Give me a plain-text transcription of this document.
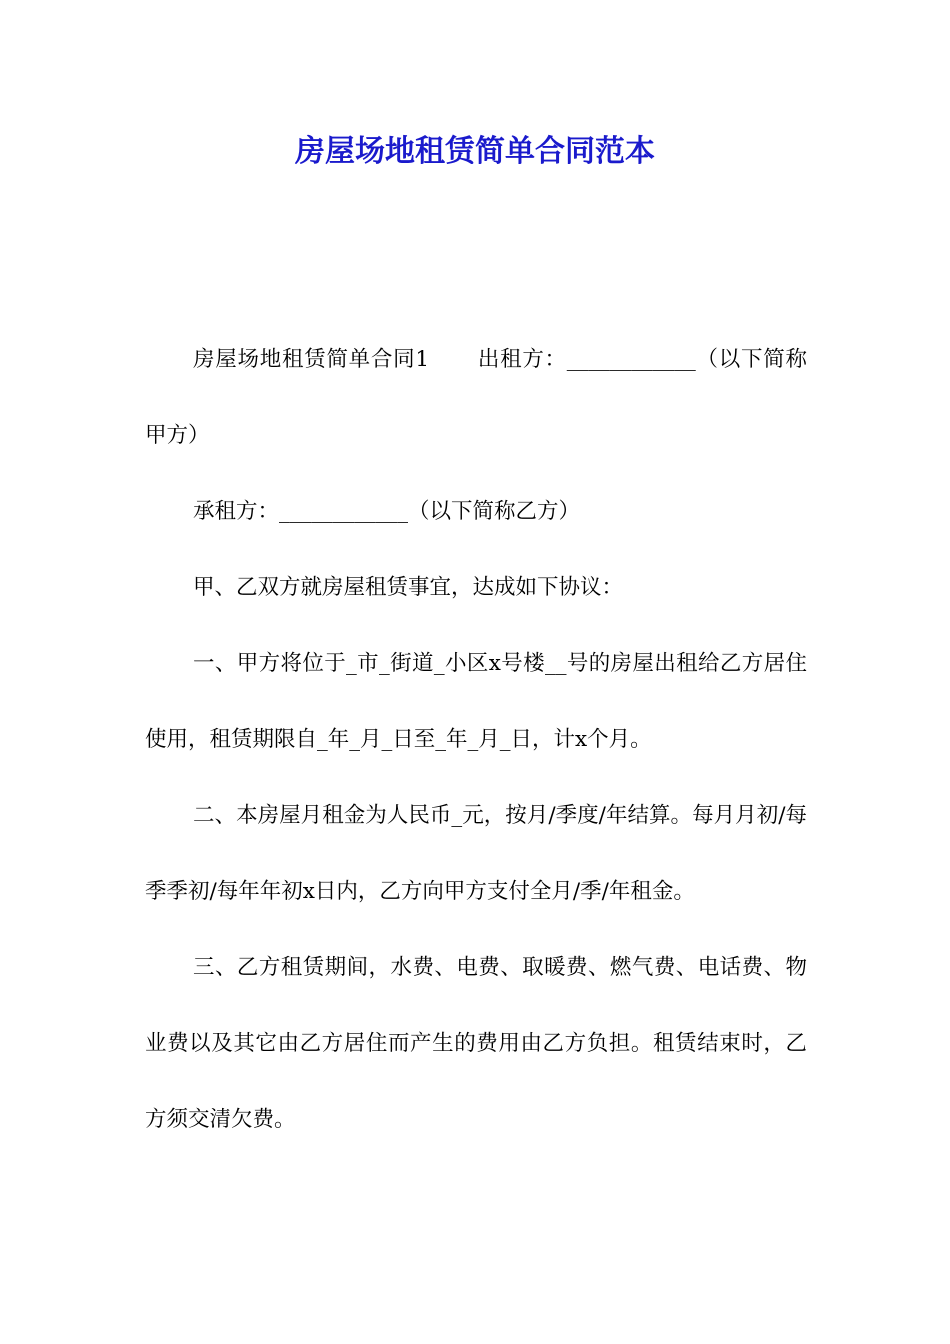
房屋场地租赁简单合同范本

房屋场地租赁简单合同1 出租方：____________（以下简称甲方）

承租方：____________（以下简称乙方）

甲、乙双方就房屋租赁事宜，达成如下协议：

一、甲方将位于_市_街道_小区x号楼__号的房屋出租给乙方居住使用，租赁期限自_年_月_日至_年_月_日，计x个月。

二、本房屋月租金为人民币_元，按月/季度/年结算。每月月初/每季季初/每年年初x日内，乙方向甲方支付全月/季/年租金。

三、乙方租赁期间，水费、电费、取暖费、燃气费、电话费、物业费以及其它由乙方居住而产生的费用由乙方负担。租赁结束时，乙方须交清欠费。
